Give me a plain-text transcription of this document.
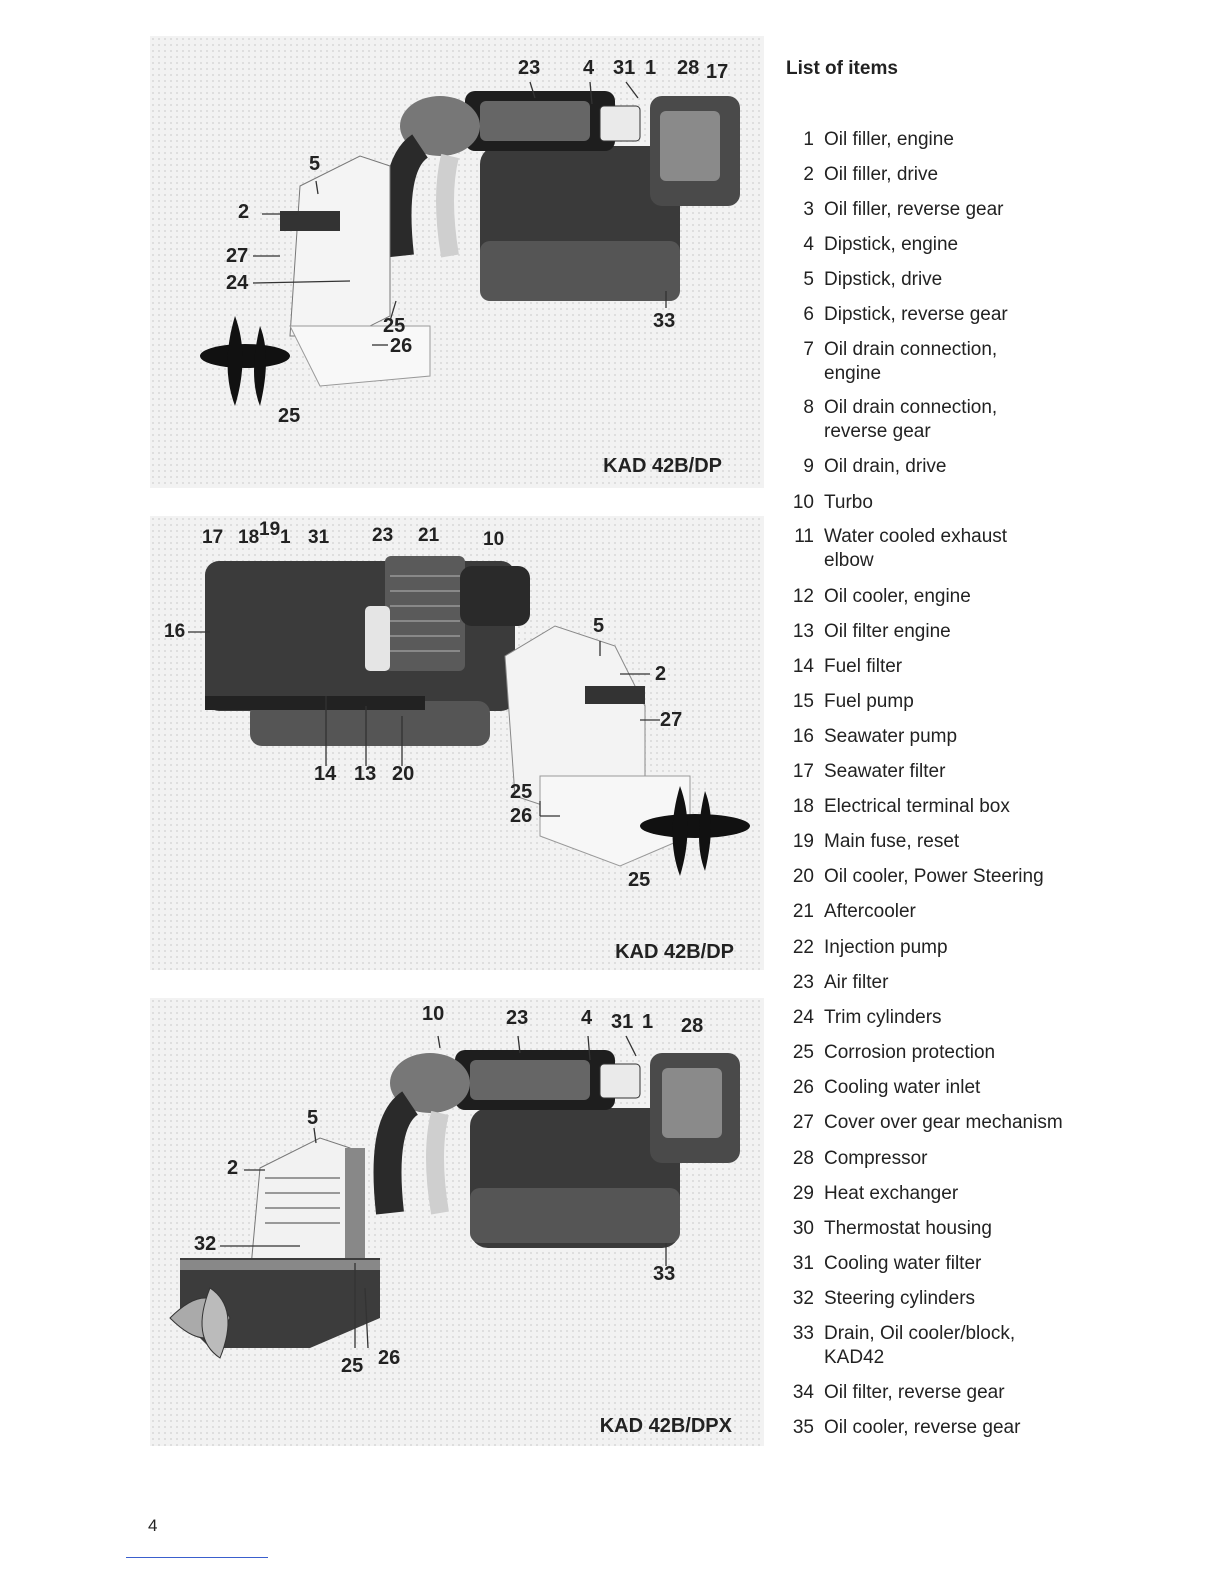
23 4 31 1 28 17
5
2
27
24
25
26
25
33
KAD 42B/DP
17 18 19 1 31 23 21 10
16	5
2
27
14 13 20
25
26
25
KAD 42B/DP
10	23	4 31 1 28
5
2
32
33
25 26
KAD 42B/DPX
List of items
1 Oil filler, engine
2 Oil filler, drive
3 Oil filler, reverse gear
4 Dipstick, engine
5 Dipstick, drive
6 Dipstick, reverse gear
7 Oil drain connection, engine
8 Oil drain connection, reverse gear
9 Oil drain, drive
10 Turbo
11 Water cooled exhaust elbow
12 Oil cooler, engine
13 Oil filter engine
14 Fuel filter
15 Fuel pump
16 Seawater pump
17 Seawater filter
18 Electrical terminal box
19 Main fuse, reset
20 Oil cooler, Power Steering
21 Aftercooler
22 Injection pump
23 Air filter
24 Trim cylinders
25 Corrosion protection
26 Cooling water inlet
27 Cover over gear mechanism
28 Compressor
29 Heat exchanger
30 Thermostat housing
31 Cooling water filter
32 Steering cylinders
33 Drain, Oil cooler/block, KAD42
34 Oil filter, reverse gear
35 Oil cooler, reverse gear
4
